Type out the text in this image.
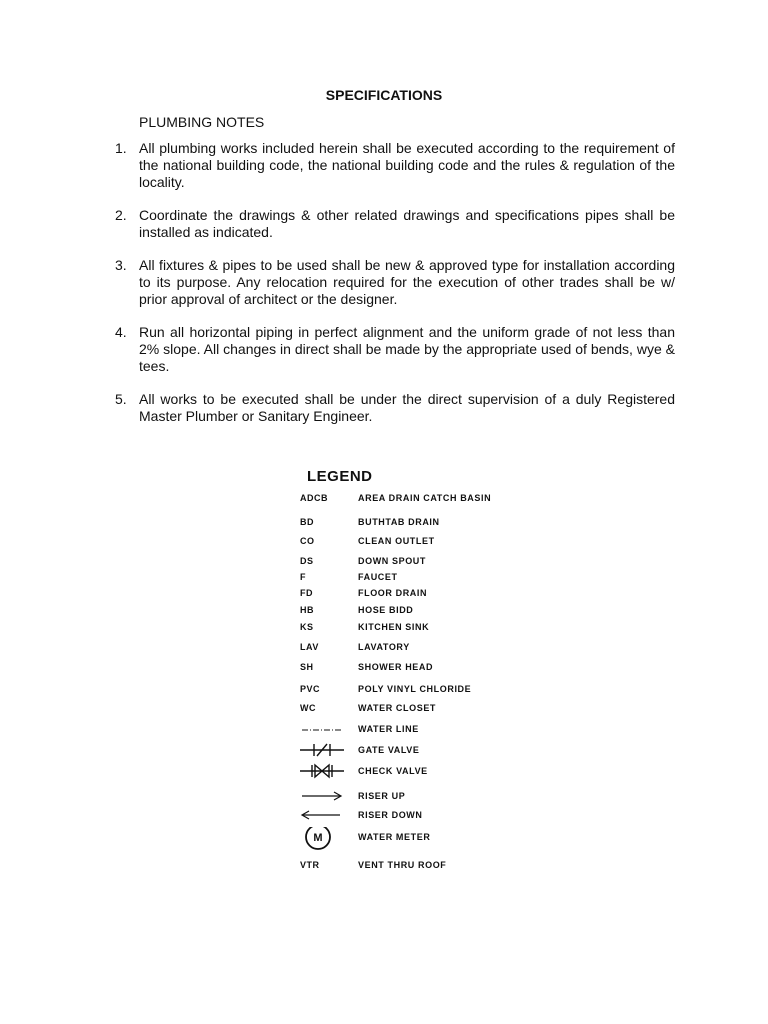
SPECIFICATIONS
PLUMBING NOTES
1. All plumbing works included herein shall be executed according to the requirement of the national building code, the national building code and the rules & regulation of the locality.
2. Coordinate the drawings & other related drawings and specifications pipes shall be installed as indicated.
3. All fixtures & pipes to be used shall be new & approved type for installation according to its purpose. Any relocation required for the execution of other trades shall be w/ prior approval of architect or the designer.
4. Run all horizontal piping in perfect alignment and the uniform grade of not less than 2% slope. All changes in direct shall be made by the appropriate used of bends, wye & tees.
5. All works to be executed shall be under the direct supervision of a duly Registered Master Plumber or Sanitary Engineer.
LEGEND
ADCB	AREA DRAIN CATCH BASIN
BD	BUTHTAB DRAIN
CO	CLEAN OUTLET
DS	DOWN SPOUT
F	FAUCET
FD	FLOOR DRAIN
HB	HOSE BIDD
KS	KITCHEN SINK
LAV	LAVATORY
SH	SHOWER HEAD
PVC	POLY VINYL CHLORIDE
WC	WATER CLOSET
WATER LINE
GATE VALVE
CHECK VALVE
RISER UP
RISER DOWN
M	WATER METER
VTR	VENT THRU ROOF
